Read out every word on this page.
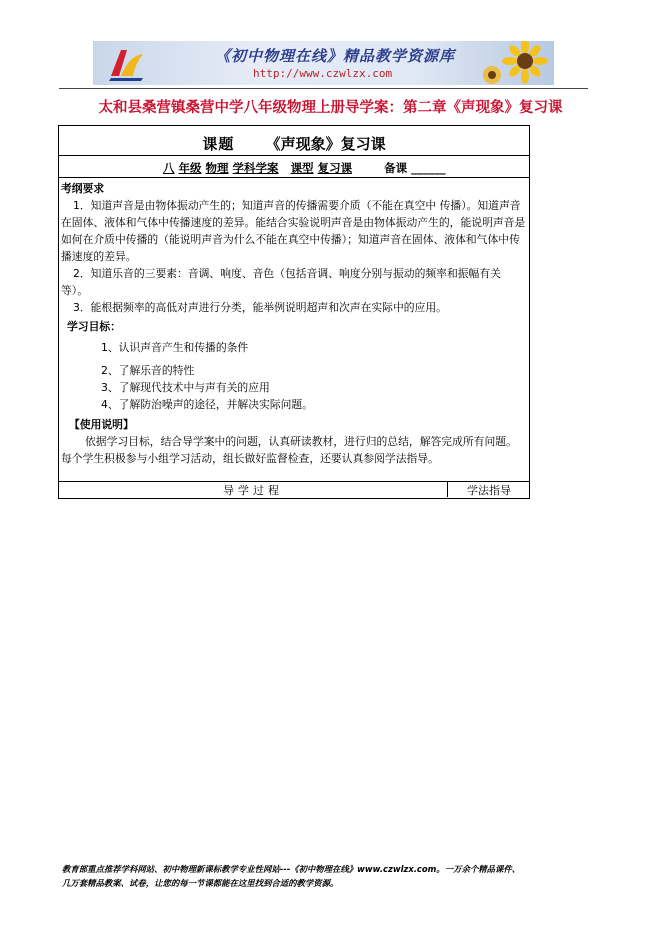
《初中物理在线》精品教学资源库
http://www.czwlzx.com
太和县桑营镇桑营中学八年级物理上册导学案：第二章《声现象》复习课
课题 《声现象》复习课
八 年级 物理 学科学案 课型 复习课	备课 ______

考纲要求

1．知道声音是由物体振动产生的；知道声音的传播需要介质（不能在真空中 传播）。知道声音在固体、液体和气体中传播速度的差异。能结合实验说明声音是由物体振动产生的，能说明声音是如何在介质中传播的（能说明声音为什么不能在真空中传播）；知道声音在固体、液体和气体中传 播速度的差异。

2．知道乐音的三要素：音调、响度、音色（包括音调、响度分别与振动的频率和振幅有关等）。

3．能根据频率的高低对声进行分类，能举例说明超声和次声在实际中的应用。

学习目标：

1、认识声音产生和传播的条件

2、了解乐音的特性

3、了解现代技术中与声有关的应用

4、了解防治噪声的途径，并解决实际问题。

【使用说明】

依据学习目标，结合导学案中的问题，认真研读教材，进行归的总结，解答完成所有问题。

每个学生积极参与小组学习活动，组长做好监督检查，还要认真参阅学法指导。

导学过程	学法指导
教育部重点推荐学科网站、初中物理新课标教学专业性网站---《初中物理在线》www.czwlzx.com。一万余个精品课件、
几万套精品教案、试卷，让您的每一节课都能在这里找到合适的教学资源。
